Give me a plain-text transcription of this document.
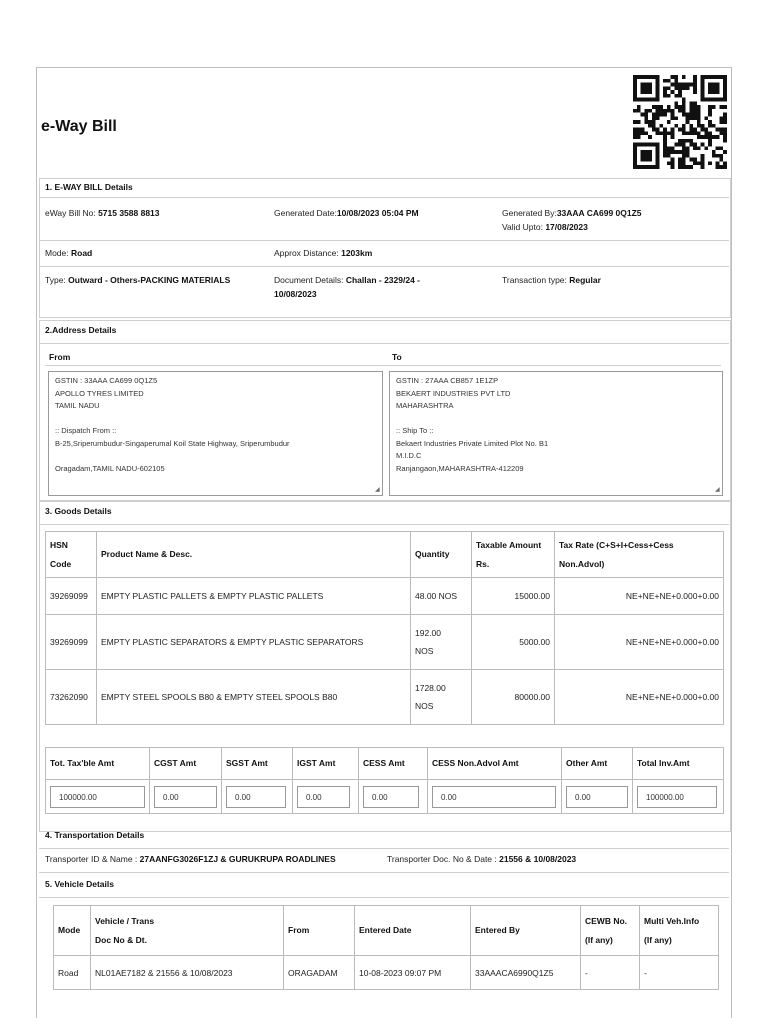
e-Way Bill
1. E-WAY BILL Details
eWay Bill No: 5715 3588 8813	Generated Date:10/08/2023 05:04 PM	Generated By:33AAA CA699 0Q1Z5
Valid Upto: 17/08/2023
Mode: Road	Approx Distance: 1203km
Type: Outward - Others-PACKING MATERIALS	Document Details: Challan - 2329/24 -
10/08/2023
Transaction type: Regular
2.Address Details
From	To
GSTIN : 33AAA CA699 0Q1Z5
APOLLO TYRES LIMITED
TAMIL NADU

:: Dispatch From ::
B-25,Sriperumbudur-Singaperumal Koil State Highway, Sriperumbudur

Oragadam,TAMIL NADU-602105
◢
GSTIN : 27AAA CB857 1E1ZP
BEKAERT INDUSTRIES PVT LTD
MAHARASHTRA

:: Ship To ::
Bekaert Industries Private Limited Plot No. B1
M.I.D.C
Ranjangaon,MAHARASHTRA-412209
◢
3. Goods Details
HSN
Code	Product Name & Desc.	Quantity	Taxable Amount
Rs.	Tax Rate (C+S+I+Cess+Cess
Non.Advol)
39269099	EMPTY PLASTIC PALLETS & EMPTY PLASTIC PALLETS	48.00 NOS	15000.00	NE+NE+NE+0.000+0.00
39269099	EMPTY PLASTIC SEPARATORS & EMPTY PLASTIC SEPARATORS	192.00
NOS	5000.00	NE+NE+NE+0.000+0.00
73262090	EMPTY STEEL SPOOLS B80 & EMPTY STEEL SPOOLS B80	1728.00
NOS	80000.00	NE+NE+NE+0.000+0.00
Tot. Tax'ble Amt	CGST Amt	SGST Amt	IGST Amt	CESS Amt	CESS Non.Advol Amt	Other Amt	Total Inv.Amt
100000.00	0.00	0.00	0.00	0.00	0.00	0.00	100000.00
4. Transportation Details
Transporter ID & Name : 27AANFG3026F1ZJ & GURUKRUPA ROADLINES	Transporter Doc. No & Date : 21556 & 10/08/2023
5. Vehicle Details
Mode	Vehicle / Trans
Doc No & Dt.	From	Entered Date	Entered By	CEWB No.
(If any)	Multi Veh.Info
(If any)
Road	NL01AE7182 & 21556 & 10/08/2023	ORAGADAM	10-08-2023 09:07 PM	33AAACA6990Q1Z5	-	-
